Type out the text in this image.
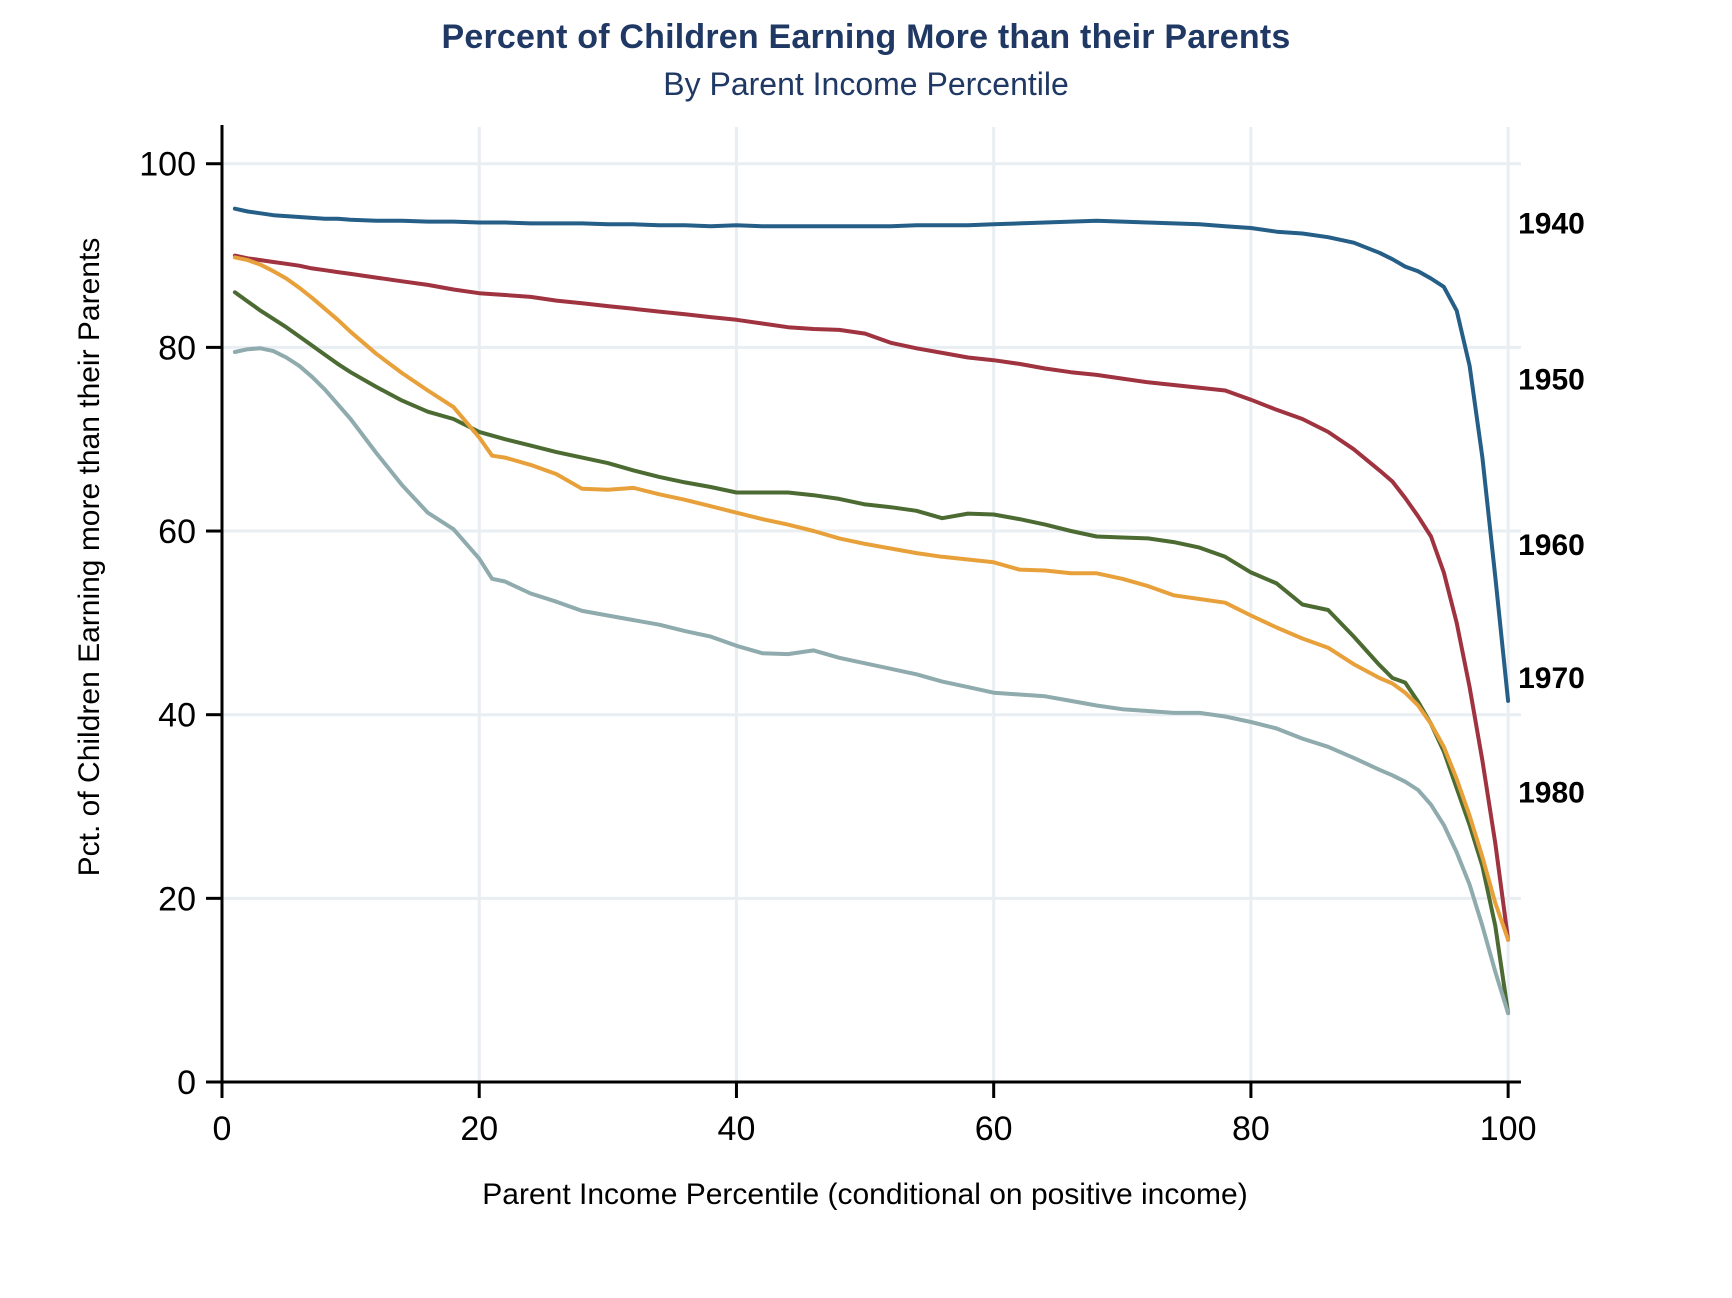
Percent of Children Earning More than their Parents
By Parent Income Percentile
0
20
40
60
80
100
0	20	40	60	80	100
1940
1950
1960
1970
1980
Pct. of Children Earning more than their Parents
Parent Income Percentile (conditional on positive income)
